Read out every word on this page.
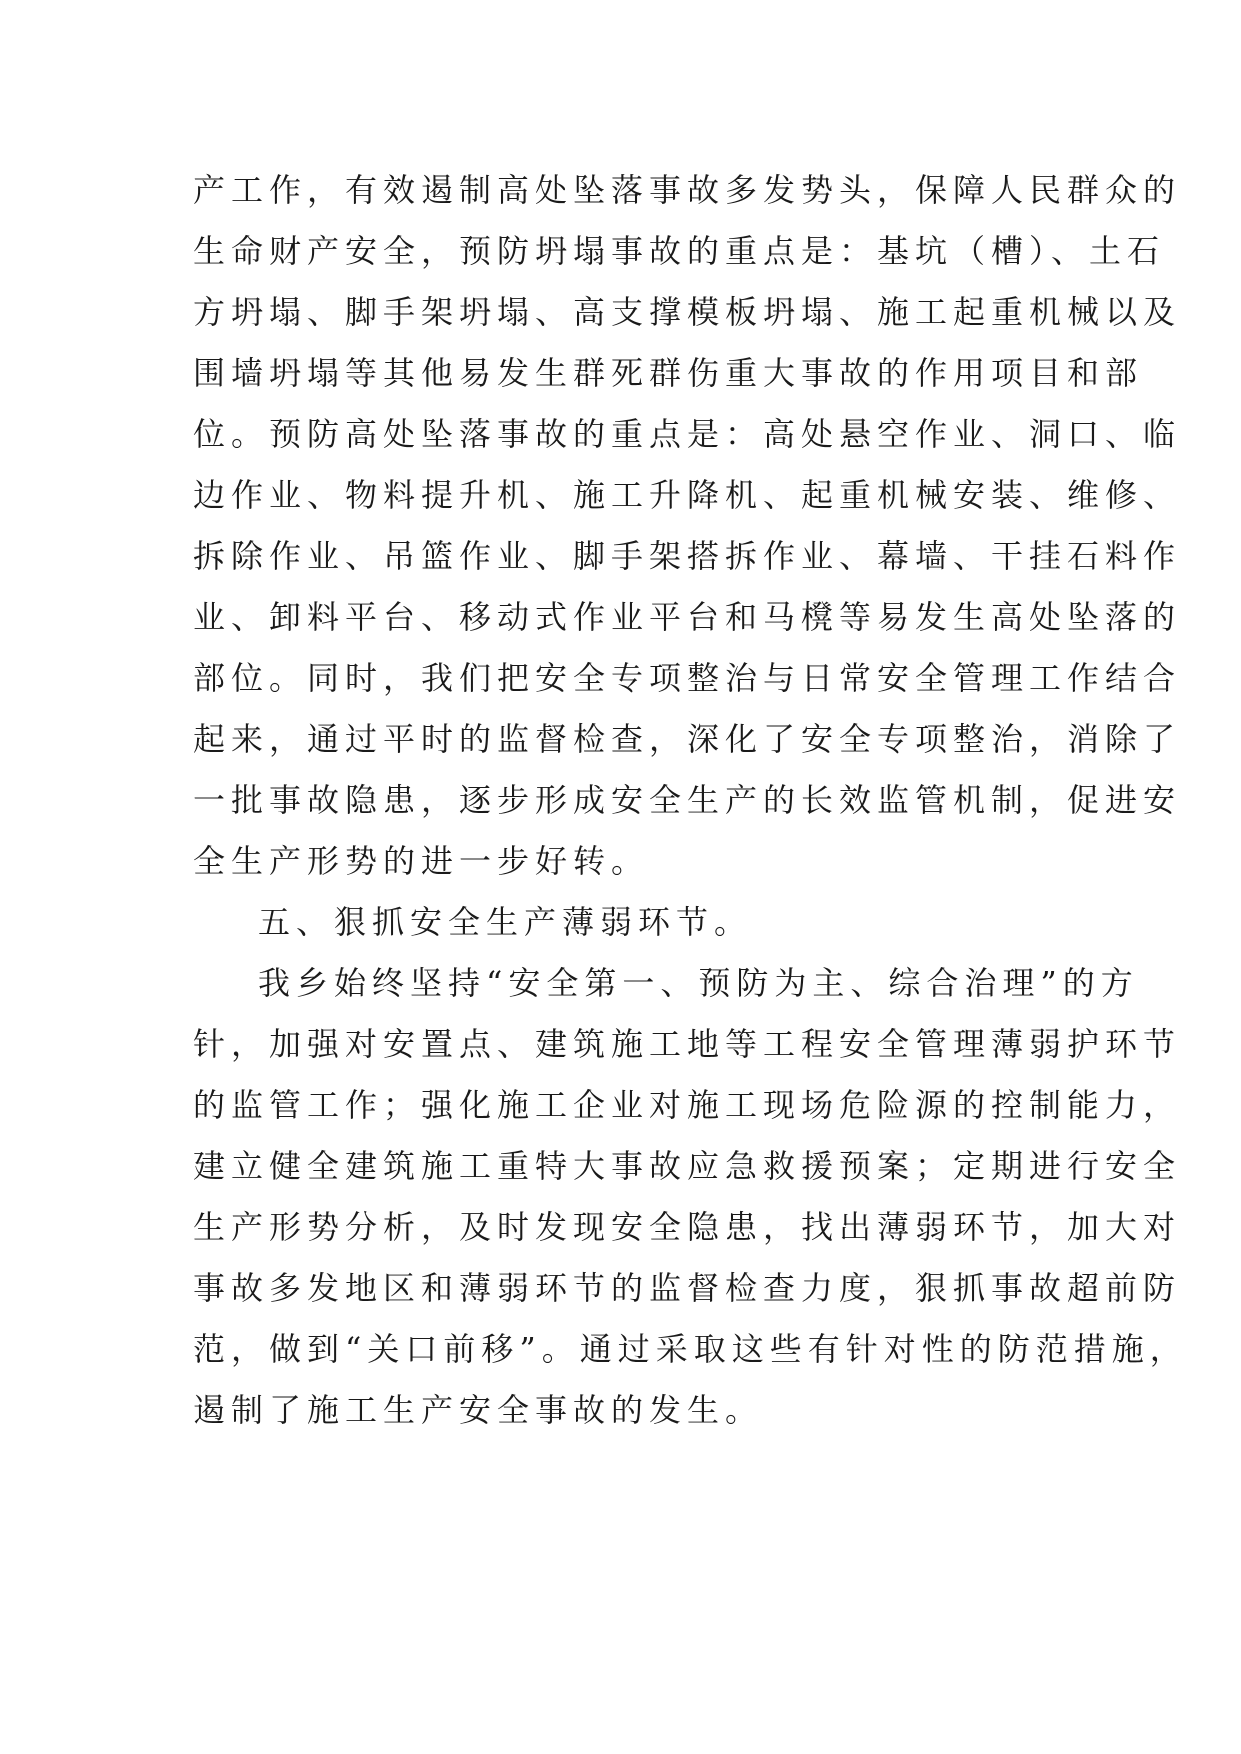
产工作，有效遏制高处坠落事故多发势头，保障人民群众的
生命财产安全，预防坍塌事故的重点是：基坑（槽）、土石
方坍塌、脚手架坍塌、高支撑模板坍塌、施工起重机械以及
围墙坍塌等其他易发生群死群伤重大事故的作用项目和部
位。预防高处坠落事故的重点是：高处悬空作业、洞口、临
边作业、物料提升机、施工升降机、起重机械安装、维修、
拆除作业、吊篮作业、脚手架搭拆作业、幕墙、干挂石料作
业、卸料平台、移动式作业平台和马櫈等易发生高处坠落的
部位。同时，我们把安全专项整治与日常安全管理工作结合
起来，通过平时的监督检查，深化了安全专项整治，消除了
一批事故隐患，逐步形成安全生产的长效监管机制，促进安
全生产形势的进一步好转。
五、狠抓安全生产薄弱环节。
我乡始终坚持“安全第一、预防为主、综合治理”的方
针，加强对安置点、建筑施工地等工程安全管理薄弱护环节
的监管工作；强化施工企业对施工现场危险源的控制能力，
建立健全建筑施工重特大事故应急救援预案；定期进行安全
生产形势分析，及时发现安全隐患，找出薄弱环节，加大对
事故多发地区和薄弱环节的监督检查力度，狠抓事故超前防
范，做到“关口前移”。通过采取这些有针对性的防范措施，
遏制了施工生产安全事故的发生。
